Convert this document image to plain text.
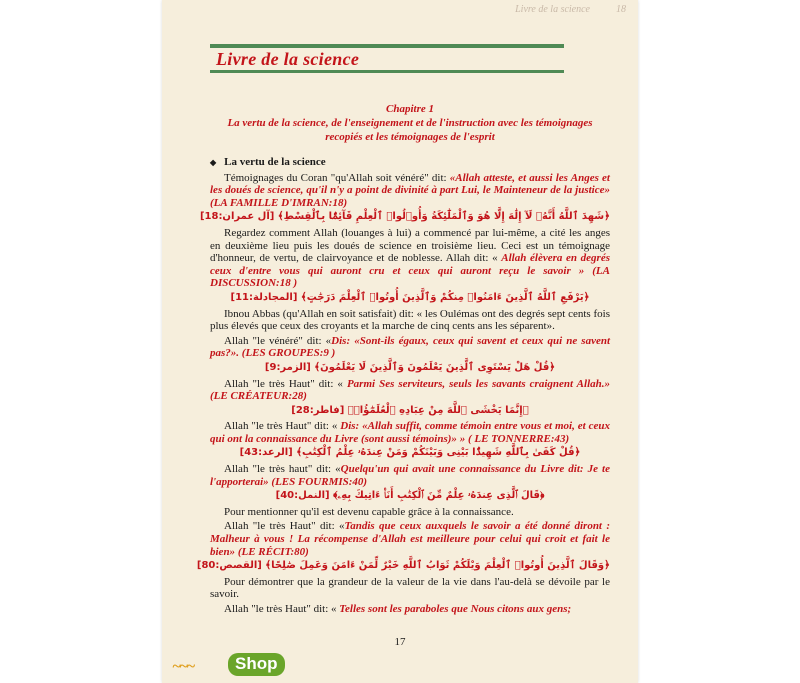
Livre de la science	18
Livre de la science
Chapitre 1
La vertu de la science, de l'enseignement et de l'instruction avec les témoignages recopiés et les témoignages de l'esprit
◆ La vertu de la science

Témoignages du Coran "qu'Allah soit vénéré" dit: «Allah atteste, et aussi les Anges et les doués de science, qu'il n'y a point de divinité à part Lui, le Mainteneur de la justice» (LA FAMILLE D'IMRAN:18)

﴿شَهِدَ ٱللَّهُ أَنَّهُۥ لَآ إِلَٰهَ إِلَّا هُوَ وَٱلْمَلَٰٓئِكَةُ وَأُو۟لُوا۟ ٱلْعِلْمِ قَآئِمًۢا بِٱلْقِسْطِ﴾ [آل عمران:18]

Regardez comment Allah (louanges à lui) a commencé par lui-même, a cité les anges en deuxième lieu puis les doués de science en troisième lieu. Ceci est un témoignage d'honneur, de vertu, de clairvoyance et de noblesse. Allah dit: « Allah élèvera en degrés ceux d'entre vous qui auront cru et ceux qui auront reçu le savoir » (LA DISCUSSION:18 )

﴿يَرْفَعِ ٱللَّهُ ٱلَّذِينَ ءَامَنُوا۟ مِنكُمْ وَٱلَّذِينَ أُوتُوا۟ ٱلْعِلْمَ دَرَجَٰتٍ﴾ [المجادلة:11]

Ibnou Abbas (qu'Allah en soit satisfait) dit: « les Oulémas ont des degrés sept cents fois plus élevés que ceux des croyants et la marche de cinq cents ans les séparent».

Allah "le vénéré" dit: «Dis: «Sont-ils égaux, ceux qui savent et ceux qui ne savent pas?». (LES GROUPES:9 )

﴿قُلْ هَلْ يَسْتَوِى ٱلَّذِينَ يَعْلَمُونَ وَٱلَّذِينَ لَا يَعْلَمُونَ﴾ [الزمر:9]

Allah "le très Haut" dit: « Parmi Ses serviteurs, seuls les savants craignent Allah.» (LE CRÉATEUR:28)

﴿إِنَّمَا يَخْشَى ٱللَّهَ مِنْ عِبَادِهِ ٱلْعُلَمَٰٓؤُا۟﴾ [فاطر:28]

Allah "le très Haut" dit: « Dis: «Allah suffit, comme témoin entre vous et moi, et ceux qui ont la connaissance du Livre (sont aussi témoins)» » ( LE TONNERRE:43)

﴿قُلْ كَفَىٰ بِٱللَّهِ شَهِيدًۢا بَيْنِى وَبَيْنَكُمْ وَمَنْ عِندَهُۥ عِلْمُ ٱلْكِتَٰبِ﴾ [الرعد:43]

Allah "le très haut" dit: «Quelqu'un qui avait une connaissance du Livre dit: Je te l'apporterai» (LES FOURMIS:40)

﴿قَالَ ٱلَّذِى عِندَهُۥ عِلْمٌ مِّنَ ٱلْكِتَٰبِ أَنَا۠ ءَاتِيكَ بِهِۦ﴾ [النمل:40]

Pour mentionner qu'il est devenu capable grâce à la connaissance.

Allah "le très Haut" dit: «Tandis que ceux auxquels le savoir a été donné diront : Malheur à vous ! La récompense d'Allah est meilleure pour celui qui croit et fait le bien» (LE RÉCIT:80)

﴿وَقَالَ ٱلَّذِينَ أُوتُوا۟ ٱلْعِلْمَ وَيْلَكُمْ ثَوَابُ ٱللَّهِ خَيْرٌ لِّمَنْ ءَامَنَ وَعَمِلَ صَٰلِحًا﴾ [القصص:80]

Pour démontrer que la grandeur de la valeur de la vie dans l'au-delà se dévoile par le savoir.

Allah "le très Haut" dit: « Telles sont les paraboles que Nous citons aux gens;

17
~~~	Shop
